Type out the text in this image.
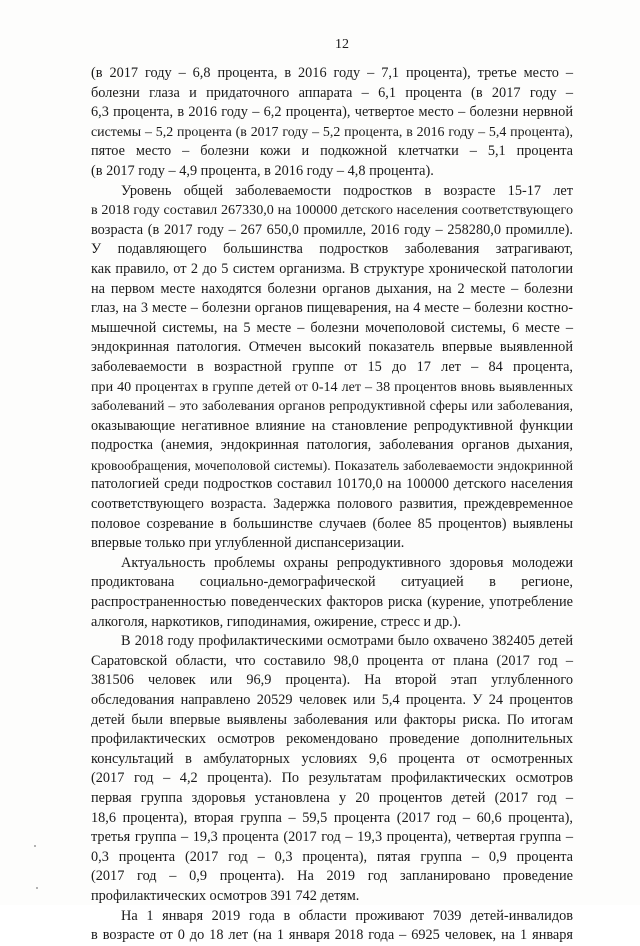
12
(в 2017 году – 6,8 процента, в 2016 году – 7,1 процента), третье место –
болезни глаза и придаточного аппарата – 6,1 процента (в 2017 году –
6,3 процента, в 2016 году – 6,2 процента), четвертое место – болезни нервной
системы – 5,2 процента (в 2017 году – 5,2 процента, в 2016 году – 5,4 процента),
пятое место – болезни кожи и подкожной клетчатки – 5,1 процента
(в 2017 году – 4,9 процента, в 2016 году – 4,8 процента).
Уровень общей заболеваемости подростков в возрасте 15-17 лет
в 2018 году составил 267330,0 на 100000 детского населения соответствующего
возраста (в 2017 году – 267 650,0 промилле, 2016 году – 258280,0 промилле).
У подавляющего большинства подростков заболевания затрагивают,
как правило, от 2 до 5 систем организма. В структуре хронической патологии
на первом месте находятся болезни органов дыхания, на 2 месте – болезни
глаз, на 3 месте – болезни органов пищеварения, на 4 месте – болезни костно-
мышечной системы, на 5 месте – болезни мочеполовой системы, 6 месте –
эндокринная патология. Отмечен высокий показатель впервые выявленной
заболеваемости в возрастной группе от 15 до 17 лет – 84 процента,
при 40 процентах в группе детей от 0-14 лет – 38 процентов вновь выявленных
заболеваний – это заболевания органов репродуктивной сферы или заболевания,
оказывающие негативное влияние на становление репродуктивной функции
подростка (анемия, эндокринная патология, заболевания органов дыхания,
кровообращения, мочеполовой системы). Показатель заболеваемости эндокринной
патологией среди подростков составил 10170,0 на 100000 детского населения
соответствующего возраста. Задержка полового развития, преждевременное
половое созревание в большинстве случаев (более 85 процентов) выявлены
впервые только при углубленной диспансеризации.
Актуальность проблемы охраны репродуктивного здоровья молодежи
продиктована социально-демографической ситуацией в регионе,
распространенностью поведенческих факторов риска (курение, употребление
алкоголя, наркотиков, гиподинамия, ожирение, стресс и др.).
В 2018 году профилактическими осмотрами было охвачено 382405 детей
Саратовской области, что составило 98,0 процента от плана (2017 год –
381506 человек или 96,9 процента). На второй этап углубленного
обследования направлено 20529 человек или 5,4 процента. У 24 процентов
детей были впервые выявлены заболевания или факторы риска. По итогам
профилактических осмотров рекомендовано проведение дополнительных
консультаций в амбулаторных условиях 9,6 процента от осмотренных
(2017 год – 4,2 процента). По результатам профилактических осмотров
первая группа здоровья установлена у 20 процентов детей (2017 год –
18,6 процента), вторая группа – 59,5 процента (2017 год – 60,6 процента),
третья группа – 19,3 процента (2017 год – 19,3 процента), четвертая группа –
0,3 процента (2017 год – 0,3 процента), пятая группа – 0,9 процента
(2017 год – 0,9 процента). На 2019 год запланировано проведение
профилактических осмотров 391 742 детям.
На 1 января 2019 года в области проживают 7039 детей-инвалидов
в возрасте от 0 до 18 лет (на 1 января 2018 года – 6925 человек, на 1 января
